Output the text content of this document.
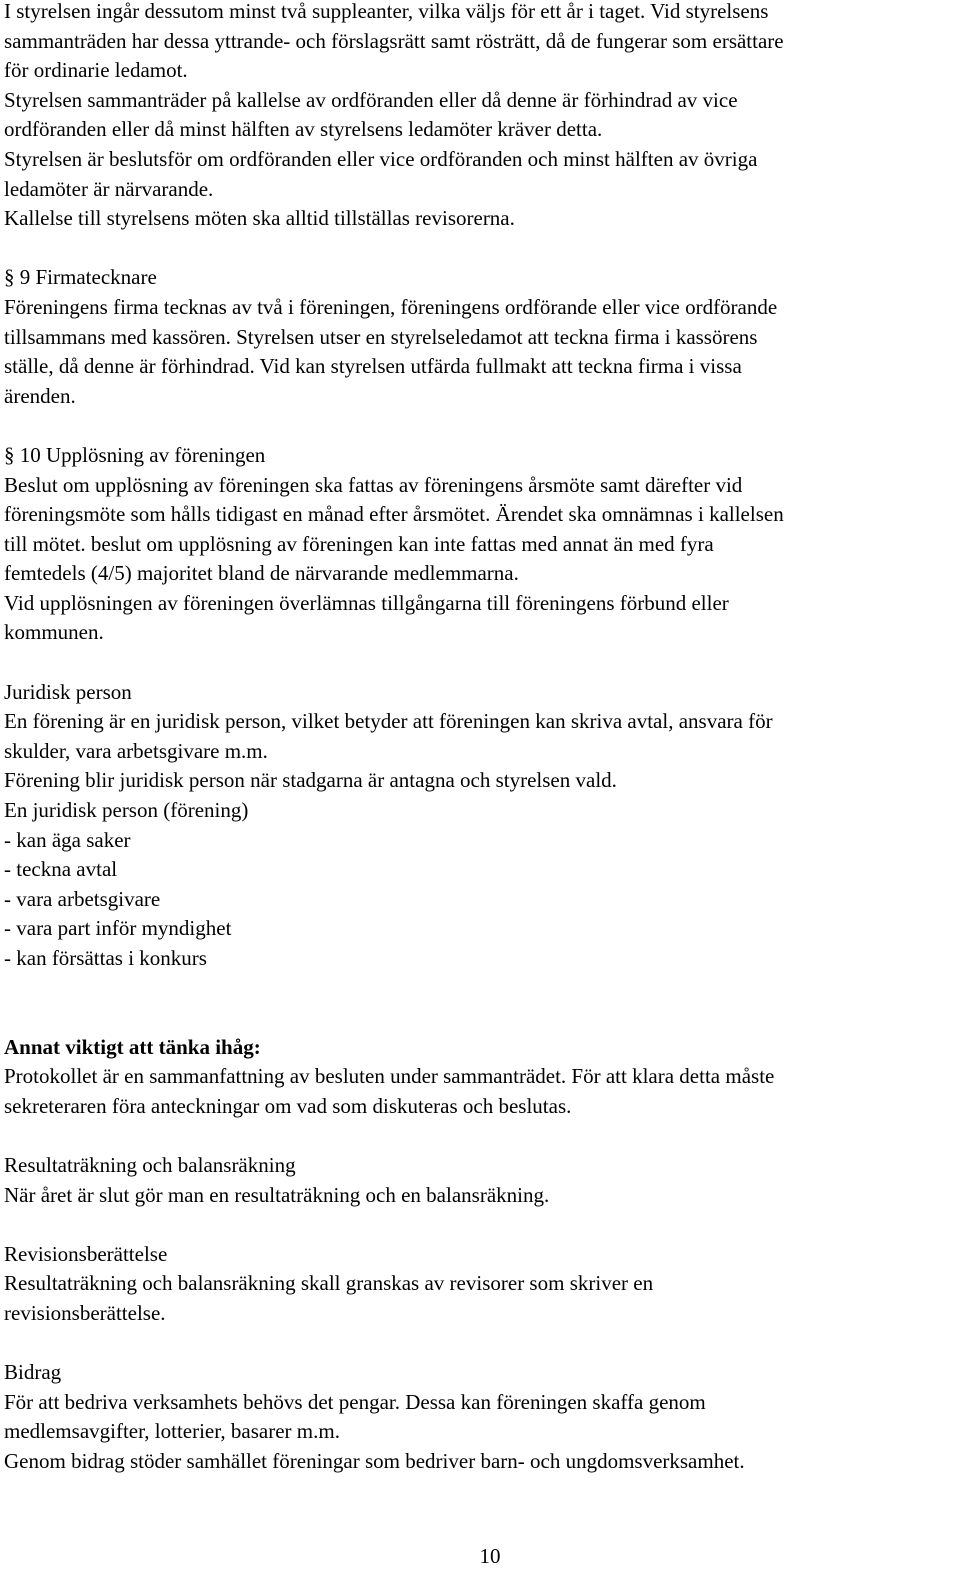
I styrelsen ingår dessutom minst två suppleanter, vilka väljs för ett år i taget. Vid styrelsens

sammanträden har dessa yttrande- och förslagsrätt samt rösträtt, då de fungerar som ersättare

för ordinarie ledamot.

Styrelsen sammanträder på kallelse av ordföranden eller då denne är förhindrad av vice

ordföranden eller då minst hälften av styrelsens ledamöter kräver detta.

Styrelsen är beslutsför om ordföranden eller vice ordföranden och minst hälften av övriga

ledamöter är närvarande.

Kallelse till styrelsens möten ska alltid tillställas revisorerna.

§ 9 Firmatecknare

Föreningens firma tecknas av två i föreningen, föreningens ordförande eller vice ordförande

tillsammans med kassören. Styrelsen utser en styrelseledamot att teckna firma i kassörens

ställe, då denne är förhindrad. Vid kan styrelsen utfärda fullmakt att teckna firma i vissa

ärenden.

§ 10 Upplösning av föreningen

Beslut om upplösning av föreningen ska fattas av föreningens årsmöte samt därefter vid

föreningsmöte som hålls tidigast en månad efter årsmötet. Ärendet ska omnämnas i kallelsen

till mötet. beslut om upplösning av föreningen kan inte fattas med annat än med fyra

femtedels (4/5) majoritet bland de närvarande medlemmarna.

Vid upplösningen av föreningen överlämnas tillgångarna till föreningens förbund eller

kommunen.

Juridisk person

En förening är en juridisk person, vilket betyder att föreningen kan skriva avtal, ansvara för

skulder, vara arbetsgivare m.m.

Förening blir juridisk person när stadgarna är antagna och styrelsen vald.

En juridisk person (förening)

- kan äga saker

- teckna avtal

- vara arbetsgivare

- vara part inför myndighet

- kan försättas i konkurs

Annat viktigt att tänka ihåg:

Protokollet är en sammanfattning av besluten under sammanträdet. För att klara detta måste

sekreteraren föra anteckningar om vad som diskuteras och beslutas.

Resultaträkning och balansräkning

När året är slut gör man en resultaträkning och en balansräkning.

Revisionsberättelse

Resultaträkning och balansräkning skall granskas av revisorer som skriver en

revisionsberättelse.

Bidrag

För att bedriva verksamhets behövs det pengar. Dessa kan föreningen skaffa genom

medlemsavgifter, lotterier, basarer m.m.

Genom bidrag stöder samhället föreningar som bedriver barn- och ungdomsverksamhet.

10
